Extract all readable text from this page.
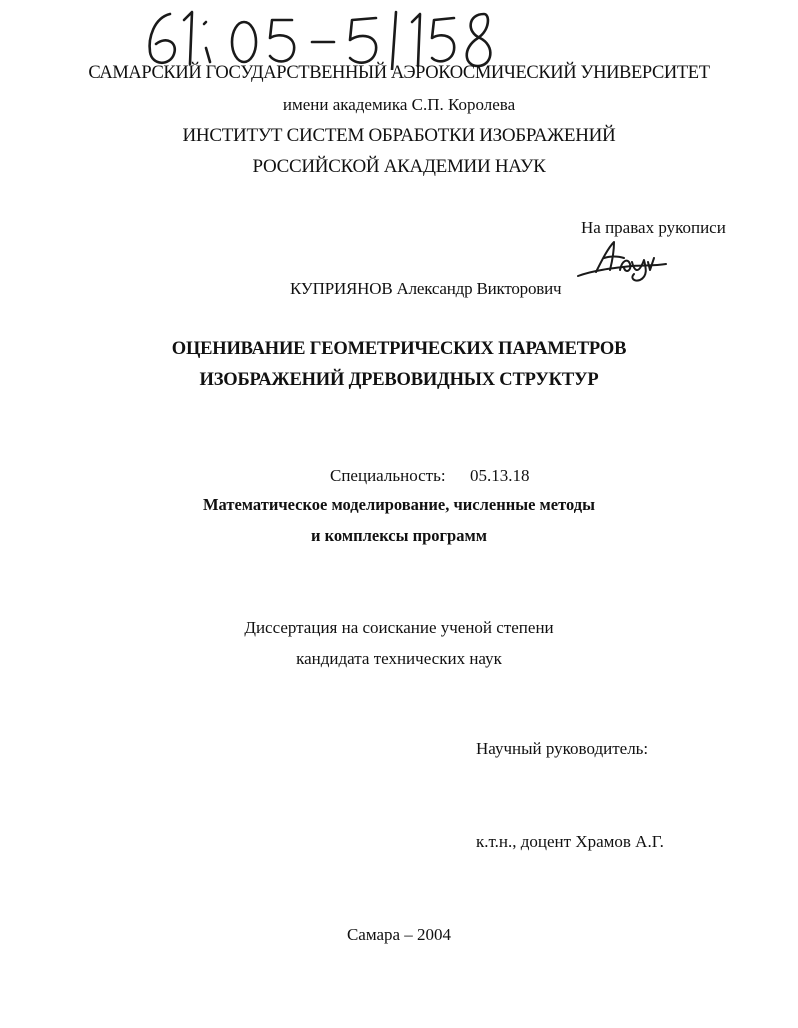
САМАРСКИЙ ГОСУДАРСТВЕННЫЙ АЭРОКОСМИЧЕСКИЙ УНИВЕРСИТЕТ
имени академика С.П. Королева
ИНСТИТУТ СИСТЕМ ОБРАБОТКИ ИЗОБРАЖЕНИЙ
РОССИЙСКОЙ АКАДЕМИИ НАУК
На правах рукописи
КУПРИЯНОВ Александр Викторович
ОЦЕНИВАНИЕ ГЕОМЕТРИЧЕСКИХ ПАРАМЕТРОВ
ИЗОБРАЖЕНИЙ ДРЕВОВИДНЫХ СТРУКТУР
Специальность: 05.13.18
Математическое моделирование, численные методы
и комплексы программ
Диссертация на соискание ученой степени
кандидата технических наук
Научный руководитель:
к.т.н., доцент Храмов А.Г.
Самара – 2004
